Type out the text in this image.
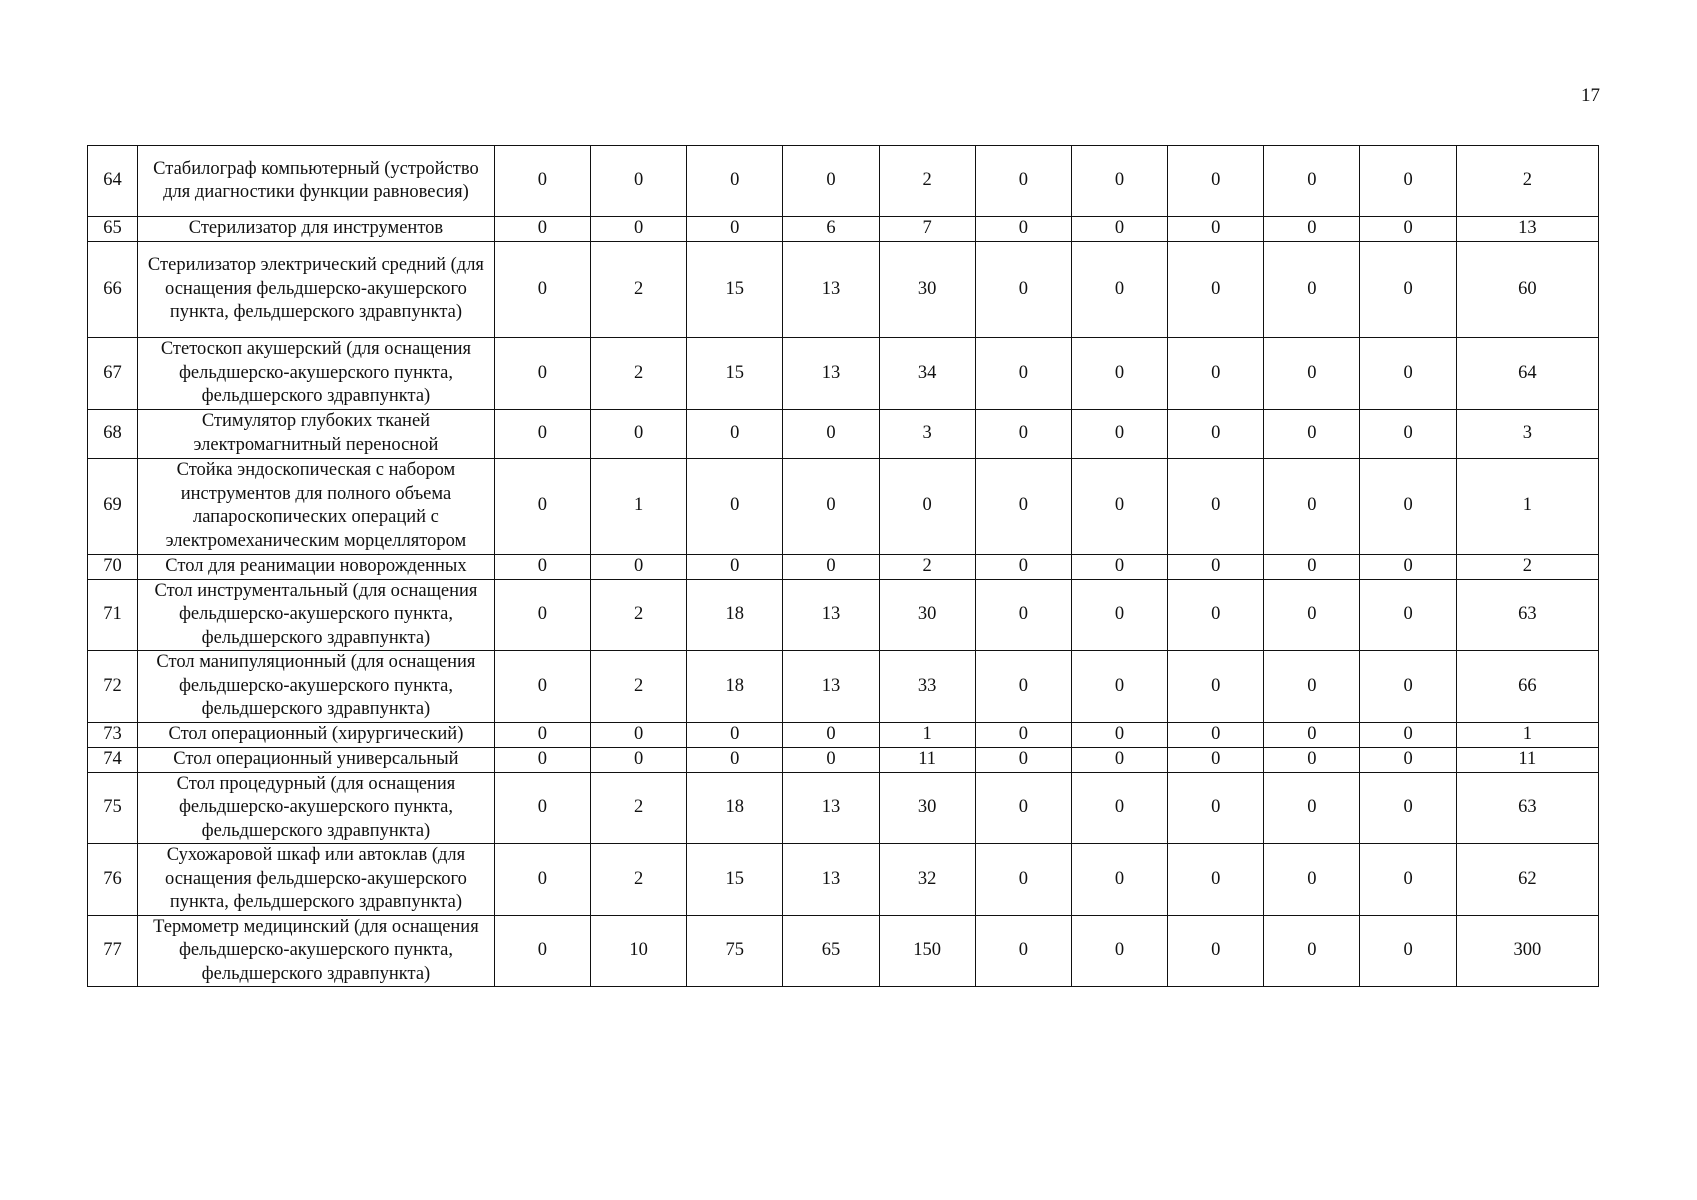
17
64	Стабилограф компьютерный (устройство для диагностики функции равновесия)	0	0	0	0	2	0	0	0	0	0	2
65	Стерилизатор для инструментов	0	0	0	6	7	0	0	0	0	0	13
66	Стерилизатор электрический средний (для оснащения фельдшерско-акушерского пункта, фельдшерского здравпункта)	0	2	15	13	30	0	0	0	0	0	60
67	Стетоскоп акушерский (для оснащения фельдшерско-акушерского пункта, фельдшерского здравпункта)	0	2	15	13	34	0	0	0	0	0	64
68	Стимулятор глубоких тканей электромагнитный переносной	0	0	0	0	3	0	0	0	0	0	3
69	Стойка эндоскопическая с набором инструментов для полного объема лапароскопических операций с электромеханическим морцеллятором	0	1	0	0	0	0	0	0	0	0	1
70	Стол для реанимации новорожденных	0	0	0	0	2	0	0	0	0	0	2
71	Стол инструментальный (для оснащения фельдшерско-акушерского пункта, фельдшерского здравпункта)	0	2	18	13	30	0	0	0	0	0	63
72	Стол манипуляционный (для оснащения фельдшерско-акушерского пункта, фельдшерского здравпункта)	0	2	18	13	33	0	0	0	0	0	66
73	Стол операционный (хирургический)	0	0	0	0	1	0	0	0	0	0	1
74	Стол операционный универсальный	0	0	0	0	11	0	0	0	0	0	11
75	Стол процедурный (для оснащения фельдшерско-акушерского пункта, фельдшерского здравпункта)	0	2	18	13	30	0	0	0	0	0	63
76	Сухожаровой шкаф или автоклав (для оснащения фельдшерско-акушерского пункта, фельдшерского здравпункта)	0	2	15	13	32	0	0	0	0	0	62
77	Термометр медицинский (для оснащения фельдшерско-акушерского пункта, фельдшерского здравпункта)	0	10	75	65	150	0	0	0	0	0	300
